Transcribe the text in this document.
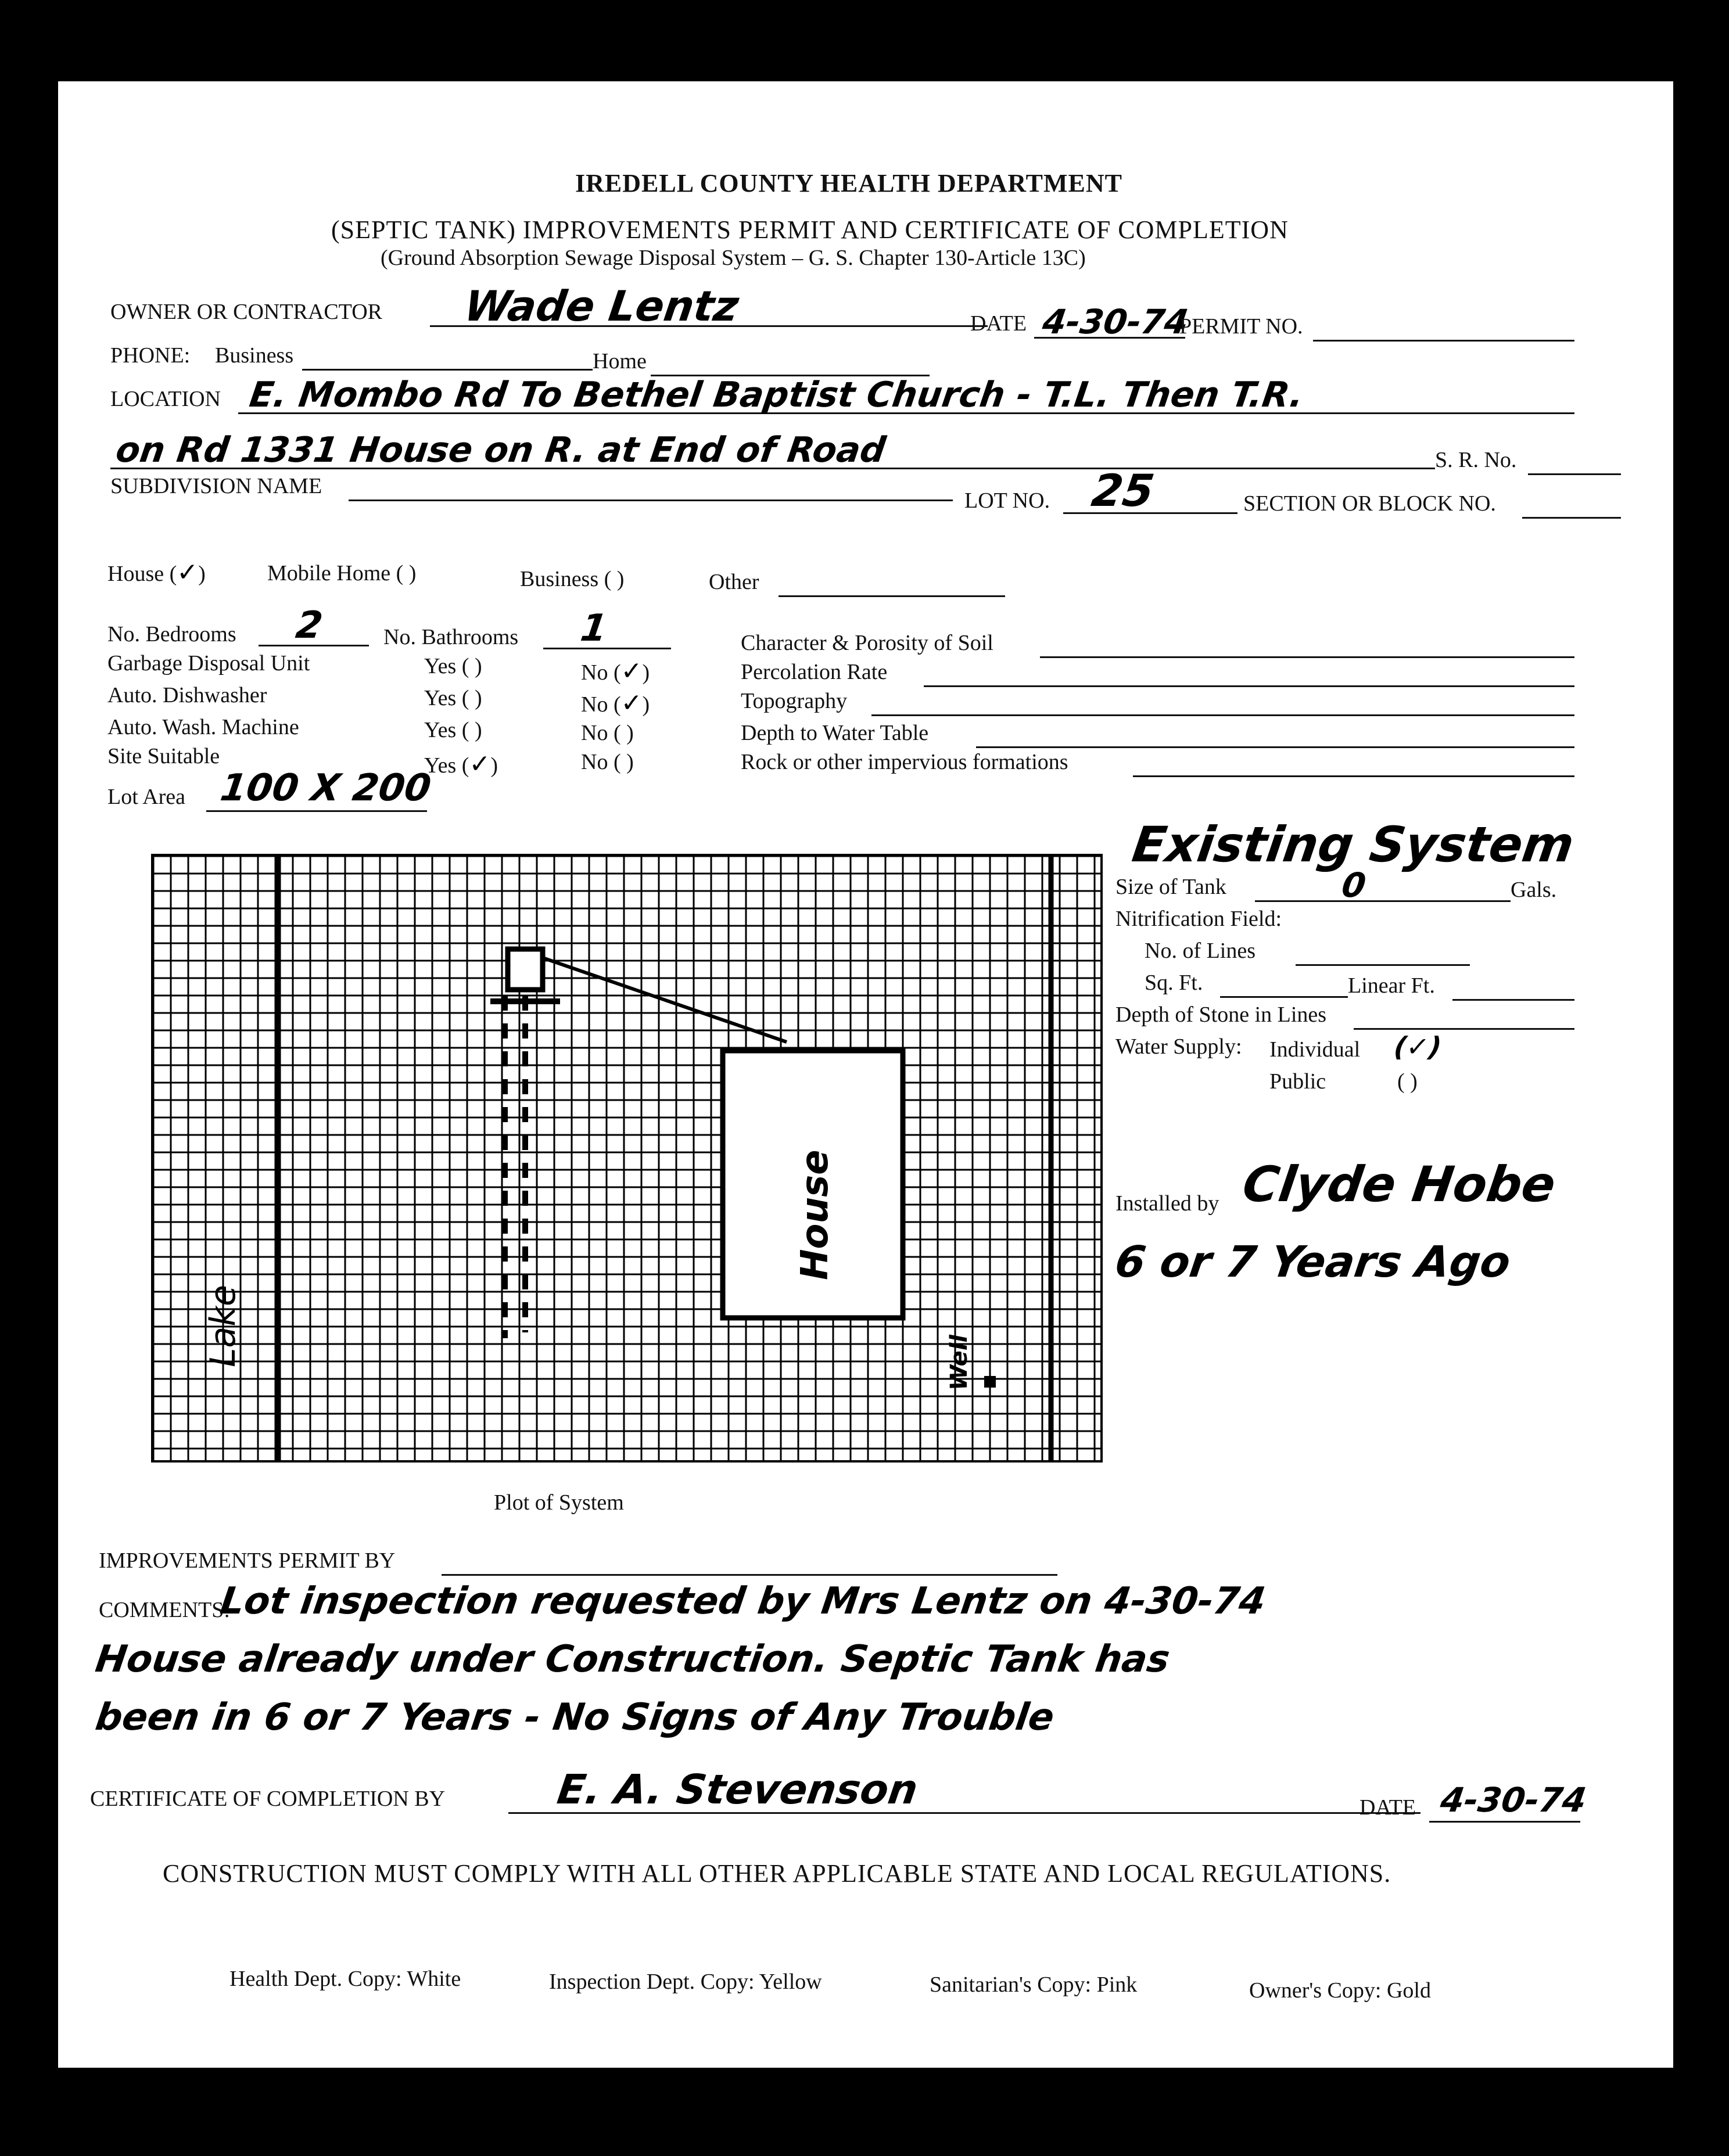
IREDELL COUNTY HEALTH DEPARTMENT
(SEPTIC TANK) IMPROVEMENTS PERMIT AND CERTIFICATE OF COMPLETION
(Ground Absorption Sewage Disposal System – G. S. Chapter 130-Article 13C)
OWNER OR CONTRACTOR Wade Lentz	DATE 4-30-74
PERMIT NO.
PHONE: Business	Home
LOCATION E. Mombo Rd To Bethel Baptist Church - T.L. Then T.R.
on Rd 1331 House on R. at End of Road	S. R. No.
SUBDIVISION NAME
LOT NO. 25	SECTION OR BLOCK NO.
House (✓)	Mobile Home ( )	Business ( )	Other
No. Bedrooms 2	No. Bathrooms 1
Garbage Disposal Unit	Yes ( )	No (✓)
Auto. Dishwasher	Yes ( )	No (✓)
Auto. Wash. Machine	Yes ( )	No ( )
Site Suitable	Yes (✓)	No ( )
Character & Porosity of Soil
Percolation Rate
Topography
Depth to Water Table
Rock or other impervious formations
Lot Area 100 X 200
House
Lake	Well
Plot of System
Existing System
Size of Tank	0	Gals.
Nitrification Field:
No. of Lines
Sq. Ft.	Linear Ft.
Depth of Stone in Lines
Water Supply: Individual (✓)
Public	( )
Installed by Clyde Hobe
6 or 7 Years Ago
IMPROVEMENTS PERMIT BY
COMMENTS:
Lot inspection requested by Mrs Lentz on 4-30-74
House already under Construction. Septic Tank has
been in 6 or 7 Years - No Signs of Any Trouble
CERTIFICATE OF COMPLETION BY	E. A. Stevenson	DATE 4-30-74
CONSTRUCTION MUST COMPLY WITH ALL OTHER APPLICABLE STATE AND LOCAL REGULATIONS.
Health Dept. Copy: White	Inspection Dept. Copy: Yellow	Sanitarian's Copy: Pink	Owner's Copy: Gold
